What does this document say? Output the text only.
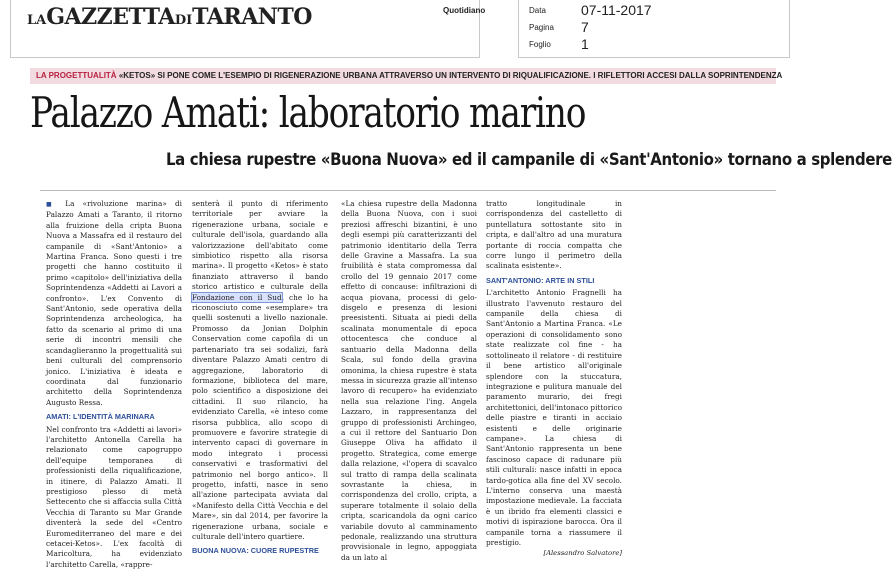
LAGAZZETTADITARANTO	Quotidiano	Data	07-11-2017
Pagina 7
Foglio 1
LA PROGETTUALITÀ «KETOS» SI PONE COME L'ESEMPIO DI RIGENERAZIONE URBANA ATTRAVERSO UN INTERVENTO DI RIQUALIFICAZIONE. I RIFLETTORI ACCESI DALLA SOPRINTENDENZA
Palazzo Amati: laboratorio marino
La chiesa rupestre «Buona Nuova» ed il campanile di «Sant'Antonio» tornano a splendere

■ La «rivoluzione marina» di Palazzo Amati a Taranto, il ritorno alla fruizione della cripta Buona Nuova a Massafra ed il restauro del campanile di «Sant'Antonio» a Martina Franca. Sono questi i tre progetti che hanno costituito il primo «capitolo» dell'iniziativa della Soprintendenza «Addetti ai Lavori a confronto». L'ex Convento di Sant'Antonio, sede operativa della Soprintendenza archeologica, ha fatto da scenario al primo di una serie di incontri mensili che scandaglieranno la progettualità sui beni culturali del comprensorio jonico. L'iniziativa è ideata e coordinata dal funzionario architetto della Soprintendenza Augusto Ressa.

AMATI: L'IDENTITÀ MARINARA

Nel confronto tra «Addetti ai lavori» l'architetto Antonella Carella ha relazionato come capogruppo dell'equipe temporanea di professionisti della riqualificazione, in itinere, di Palazzo Amati. Il prestigioso plesso di metà Settecento che si affaccia sulla Città Vecchia di Taranto su Mar Grande diventerà la sede del «Centro Euromediterraneo del mare e dei cetacei-Ketos». L'ex facoltà di Maricoltura, ha evidenziato l'architetto Carella, «rappre-

senterà il punto di riferimento territoriale per avviare la rigenerazione urbana, sociale e culturale dell'isola, guardando alla valorizzazione dell'abitato come simbiotico rispetto alla risorsa marina». Il progetto «Ketos» è stato finanziato attraverso il bando storico artistico e culturale della Fondazione con il Sud, che lo ha riconosciuto come «esemplare» tra quelli sostenuti a livello nazionale. Promosso da Jonian Dolphin Conservation come capofila di un partenariato tra sei sodalizi, farà diventare Palazzo Amati centro di aggregazione, laboratorio di formazione, biblioteca del mare, polo scientifico a disposizione dei cittadini. Il suo rilancio, ha evidenziato Carella, «è inteso come risorsa pubblica, allo scopo di promuovere e favorire strategie di intervento capaci di governare in modo integrato i processi conservativi e trasformativi del patrimonio nel borgo antico». Il progetto, infatti, nasce in seno all'azione partecipata avviata dal «Manifesto della Città Vecchia e del Mare», sin dal 2014, per favorire la rigenerazione urbana, sociale e culturale dell'intero quartiere.

BUONA NUOVA: CUORE RUPESTRE

«La chiesa rupestre della Madonna della Buona Nuova, con i suoi preziosi affreschi bizantini, è uno degli esempi più caratterizzanti del patrimonio identitario della Terra delle Gravine a Massafra. La sua fruibilità è stata compromessa dal crollo del 19 gennaio 2017 come effetto di concause: infiltrazioni di acqua piovana, processi di gelo-disgelo e presenza di lesioni preesistenti. Situata ai piedi della scalinata monumentale di epoca ottocentesca che conduce al santuario della Madonna della Scala, sul fondo della gravina omonima, la chiesa rupestre è stata messa in sicurezza grazie all'intenso lavoro di recupero» ha evidenziato nella sua relazione l'ing. Angela Lazzaro, in rappresentanza del gruppo di professionisti Archingeo, a cui il rettore del Santuario Don Giuseppe Oliva ha affidato il progetto. Strategica, come emerge dalla relazione, «l'opera di scavalco sul tratto di rampa della scalinata sovrastante la chiesa, in corrispondenza del crollo, cripta, a superare totalmente il solaio della cripta, scaricandola da ogni carico variabile dovuto al camminamento pedonale, realizzando una struttura provvisionale in legno, appoggiata da un lato al

tratto longitudinale in corrispondenza del castelletto di puntellatura sottostante sito in cripta, e dall'altro ad una muratura portante di roccia compatta che corre lungo il perimetro della scalinata esistente».

SANT'ANTONIO: ARTE IN STILI

L'architetto Antonio Fragnelli ha illustrato l'avvenuto restauro del campanile della chiesa di Sant'Antonio a Martina Franca. «Le operazioni di consolidamento sono state realizzate col fine - ha sottolineato il relatore - di restituire il bene artistico all'originale splendore con la stuccatura, integrazione e pulitura manuale del paramento murario, dei fregi architettonici, dell'intonaco pittorico delle piastre e tiranti in acciaio esistenti e delle originarie campane». La chiesa di Sant'Antonio rappresenta un bene fascinoso capace di radunare più stili culturali: nasce infatti in epoca tardo-gotica alla fine del XV secolo. L'interno conserva una maestà impostazione medievale. La facciata è un ibrido fra elementi classici e motivi di ispirazione barocca. Ora il campanile torna a riassumere il prestigio.

[Alessandro Salvatore]
